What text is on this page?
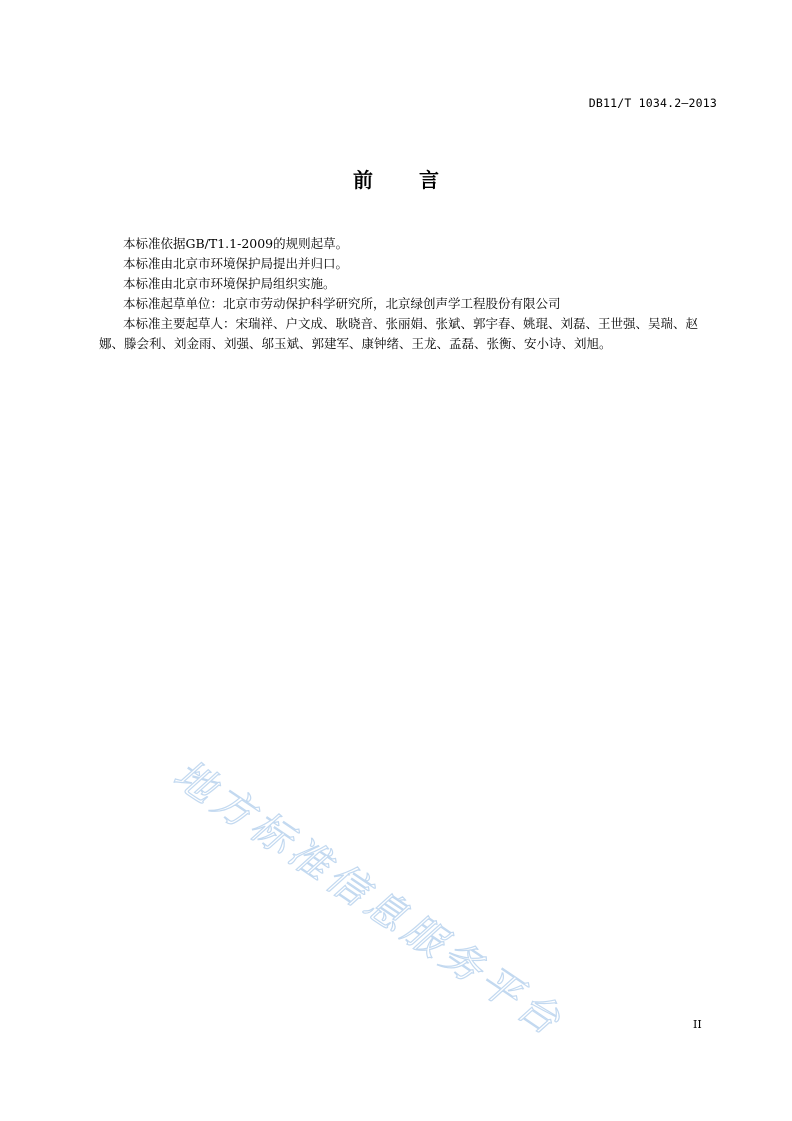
DB11/T 1034.2—2013
前言

本标准依据GB/T1.1-2009的规则起草。

本标准由北京市环境保护局提出并归口。

本标准由北京市环境保护局组织实施。

本标准起草单位：北京市劳动保护科学研究所，北京绿创声学工程股份有限公司

本标准主要起草人：宋瑞祥、户文成、耿晓音、张丽娟、张斌、郭宇春、姚琨、刘磊、王世强、吴瑞、赵娜、滕会利、刘金雨、刘强、邬玉斌、郭建军、康钟绪、王龙、孟磊、张衡、安小诗、刘旭。

地方标准信息服务平台	II
